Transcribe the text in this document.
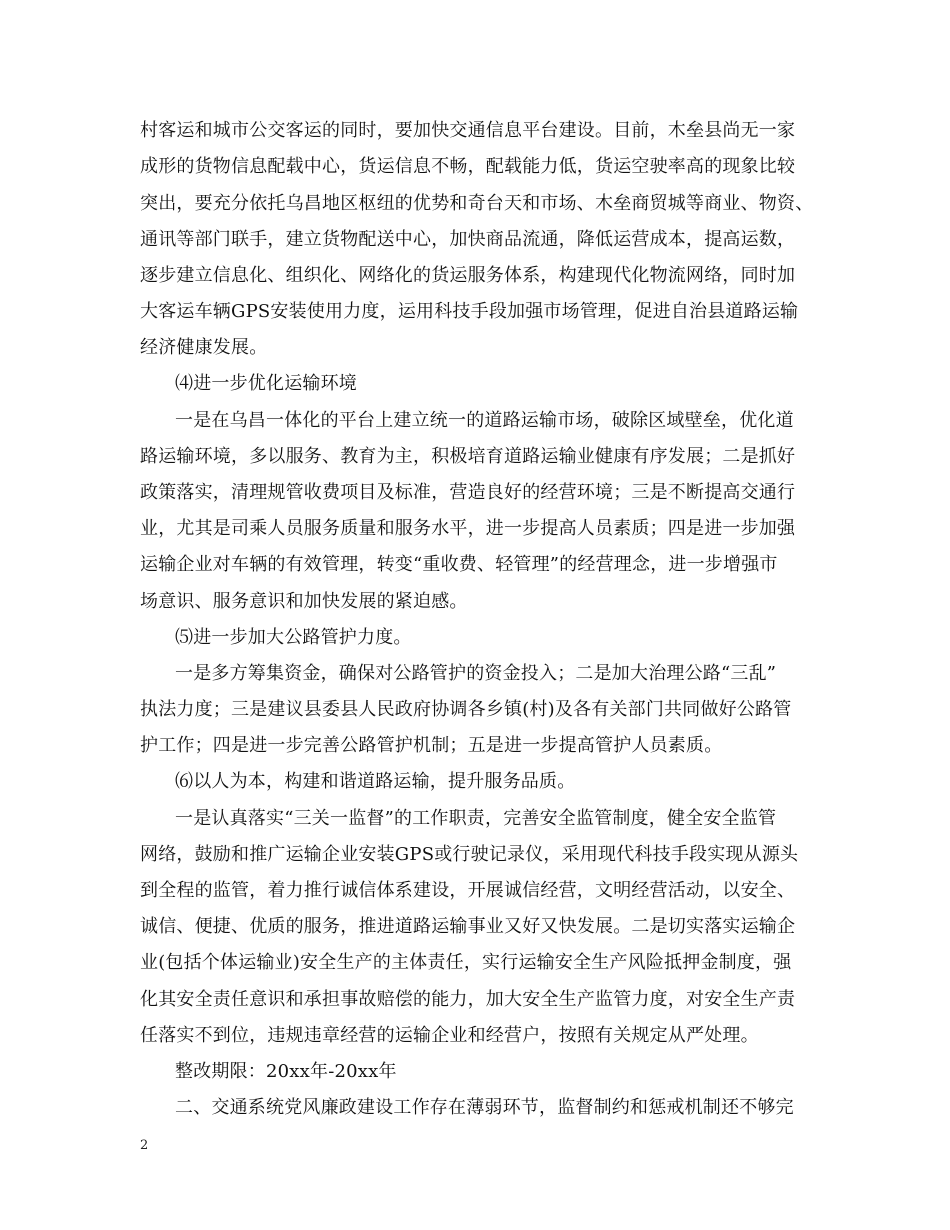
村客运和城市公交客运的同时，要加快交通信息平台建设。目前，木垒县尚无一家
成形的货物信息配载中心，货运信息不畅，配载能力低，货运空驶率高的现象比较
突出，要充分依托乌昌地区枢纽的优势和奇台天和市场、木垒商贸城等商业、物资、
通讯等部门联手，建立货物配送中心，加快商品流通，降低运营成本，提高运数，
逐步建立信息化、组织化、网络化的货运服务体系，构建现代化物流网络，同时加
大客运车辆GPS安装使用力度，运用科技手段加强市场管理，促进自治县道路运输
经济健康发展。
⑷进一步优化运输环境
一是在乌昌一体化的平台上建立统一的道路运输市场，破除区域壁垒，优化道
路运输环境，多以服务、教育为主，积极培育道路运输业健康有序发展；二是抓好
政策落实，清理规管收费项目及标准，营造良好的经营环境；三是不断提高交通行
业，尤其是司乘人员服务质量和服务水平，进一步提高人员素质；四是进一步加强
运输企业对车辆的有效管理，转变“重收费、轻管理”的经营理念，进一步增强市
场意识、服务意识和加快发展的紧迫感。
⑸进一步加大公路管护力度。
一是多方筹集资金，确保对公路管护的资金投入；二是加大治理公路“三乱”
执法力度；三是建议县委县人民政府协调各乡镇(村)及各有关部门共同做好公路管
护工作；四是进一步完善公路管护机制；五是进一步提高管护人员素质。
⑹以人为本，构建和谐道路运输，提升服务品质。
一是认真落实“三关一监督”的工作职责，完善安全监管制度，健全安全监管
网络，鼓励和推广运输企业安装GPS或行驶记录仪，采用现代科技手段实现从源头
到全程的监管，着力推行诚信体系建设，开展诚信经营，文明经营活动，以安全、
诚信、便捷、优质的服务，推进道路运输事业又好又快发展。二是切实落实运输企
业(包括个体运输业)安全生产的主体责任，实行运输安全生产风险抵押金制度，强
化其安全责任意识和承担事故赔偿的能力，加大安全生产监管力度，对安全生产责
任落实不到位，违规违章经营的运输企业和经营户，按照有关规定从严处理。
整改期限：20xx年-20xx年
二、交通系统党风廉政建设工作存在薄弱环节，监督制约和惩戒机制还不够完
2
